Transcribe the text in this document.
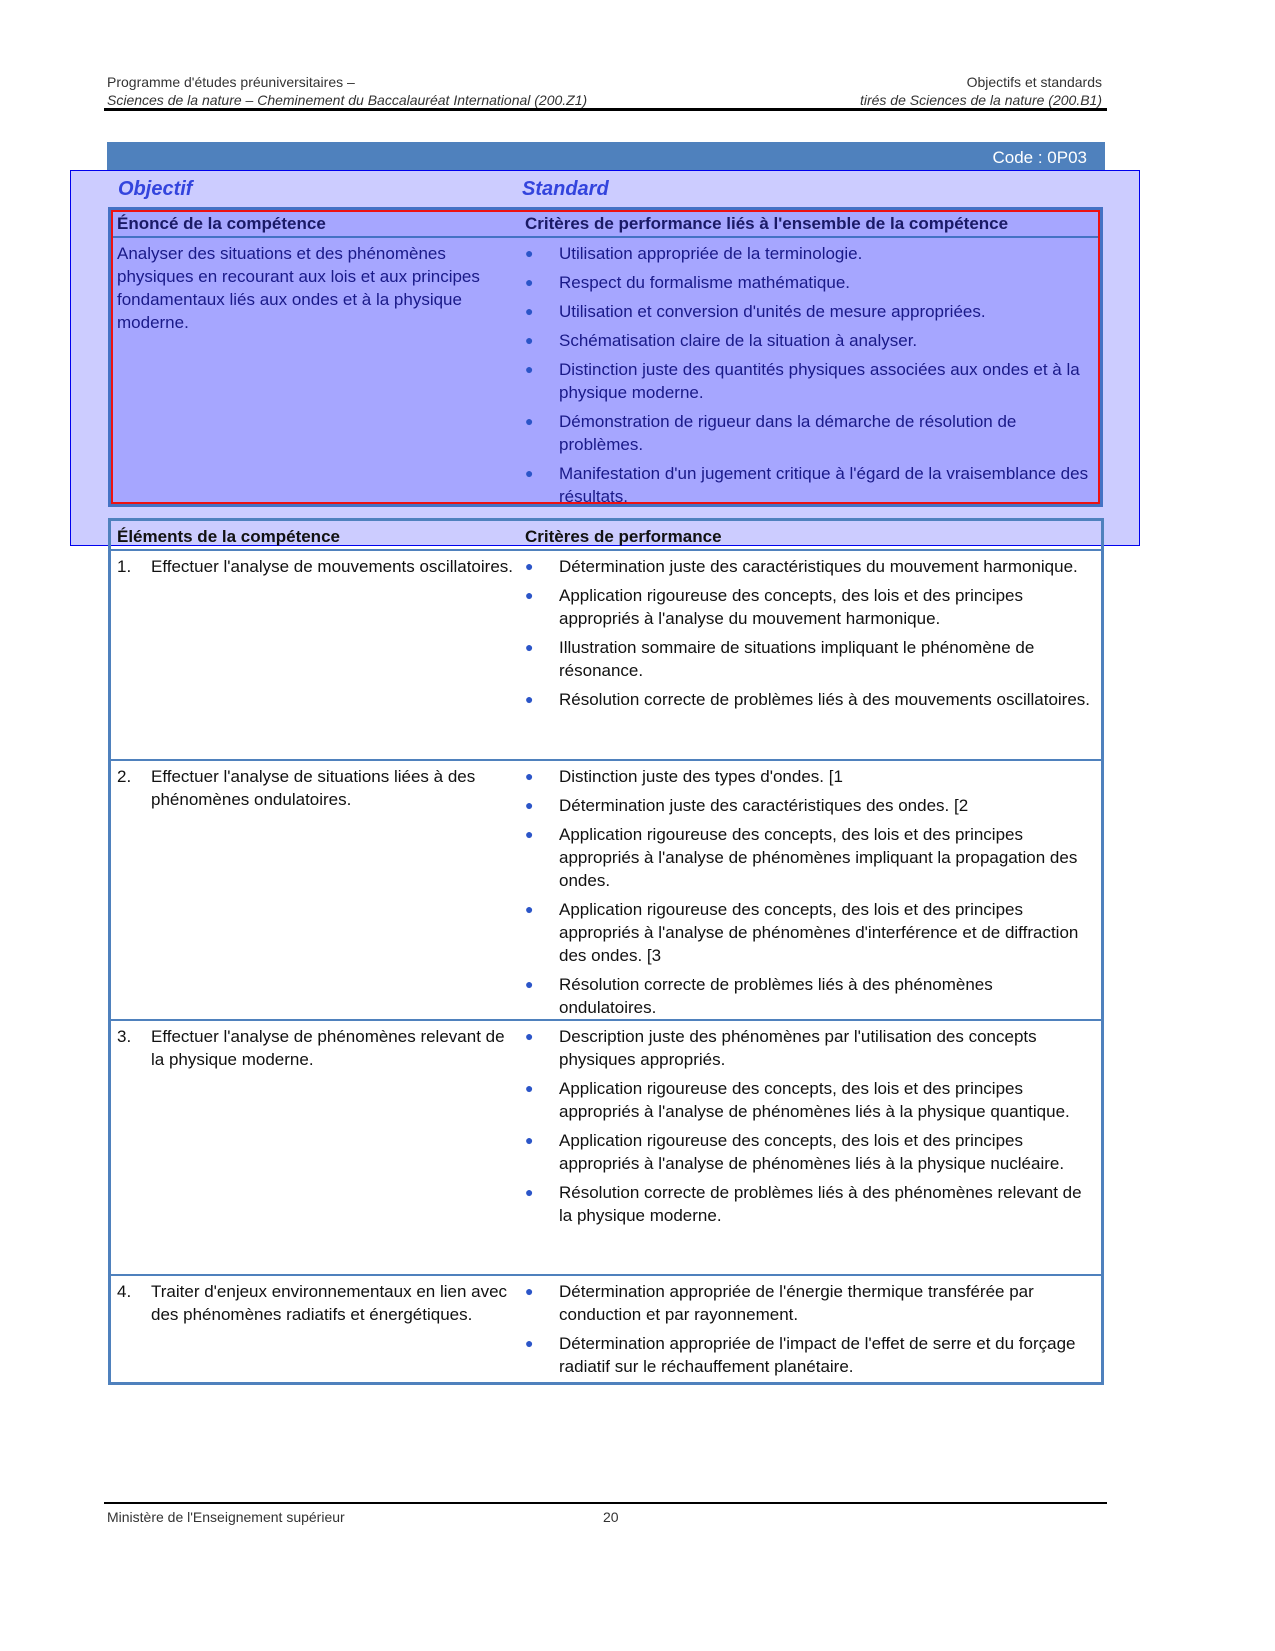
Programme d'études préuniversitaires –	Objectifs et standards
Sciences de la nature – Cheminement du Baccalauréat International (200.Z1)	tirés de Sciences de la nature (200.B1)
Code : 0P03
Objectif	Standard
Énoncé de la compétence	Critères de performance liés à l'ensemble de la compétence
Analyser des situations et des phénomènes physiques en recourant aux lois et aux principes fondamentaux liés aux ondes et à la physique moderne.
●	Utilisation appropriée de la terminologie.
●	Respect du formalisme mathématique.
●	Utilisation et conversion d'unités de mesure appropriées.
●	Schématisation claire de la situation à analyser.
●	Distinction juste des quantités physiques associées aux ondes et à la physique moderne.
●	Démonstration de rigueur dans la démarche de résolution de problèmes.
●	Manifestation d'un jugement critique à l'égard de la vraisemblance des résultats.
Éléments de la compétence	Critères de performance
1.	Effectuer l'analyse de mouvements oscillatoires. ●	Détermination juste des caractéristiques du mouvement harmonique.
●	Application rigoureuse des concepts, des lois et des principes appropriés à l'analyse du mouvement harmonique.
●	Illustration sommaire de situations impliquant le phénomène de résonance.
●	Résolution correcte de problèmes liés à des mouvements oscillatoires.
2.	Effectuer l'analyse de situations liées à des phénomènes ondulatoires.
●	Distinction juste des types d'ondes. [1
●	Détermination juste des caractéristiques des ondes. [2
●	Application rigoureuse des concepts, des lois et des principes appropriés à l'analyse de phénomènes impliquant la propagation des ondes.
●	Application rigoureuse des concepts, des lois et des principes appropriés à l'analyse de phénomènes d'interférence et de diffraction des ondes. [3
●	Résolution correcte de problèmes liés à des phénomènes ondulatoires.
3.	Effectuer l'analyse de phénomènes relevant de la physique moderne.
●	Description juste des phénomènes par l'utilisation des concepts physiques appropriés.
●	Application rigoureuse des concepts, des lois et des principes appropriés à l'analyse de phénomènes liés à la physique quantique.
●	Application rigoureuse des concepts, des lois et des principes appropriés à l'analyse de phénomènes liés à la physique nucléaire.
●	Résolution correcte de problèmes liés à des phénomènes relevant de la physique moderne.
4.	Traiter d'enjeux environnementaux en lien avec des phénomènes radiatifs et énergétiques.
●	Détermination appropriée de l'énergie thermique transférée par conduction et par rayonnement.
●	Détermination appropriée de l'impact de l'effet de serre et du forçage radiatif sur le réchauffement planétaire.
Ministère de l'Enseignement supérieur	20
